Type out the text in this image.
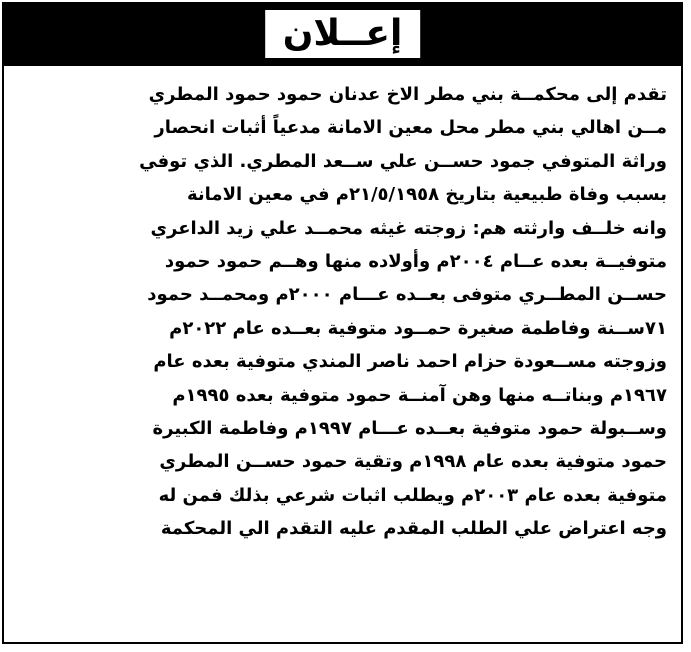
إعــلان
تقدم إلى محكمــة بني مطر الاخ عدنان حمود حمود المطري
مــن اهالي بني مطر محل معين الامانة مدعياً أثبات انحصار
وراثة المتوفي جمود حســن علي ســعد المطري. الذي توفي
بسبب وفاة طبيعية بتاريخ ٢١/٥/١٩٥٨م في معين الامانة
وانه خلــف وارثته هم: زوجته غيثه محمــد علي زيد الداعري
متوفيــة بعده عــام ٢٠٠٤م وأولاده منها وهــم حمود حمود
حســن المطــري متوفى بعــده عـــام ٢٠٠٠م ومحمــد حمود
٧١ســنة وفاطمة صغيرة حمــود متوفية بعــده عام ٢٠٢٢م
وزوجته مســعودة حزام احمد ناصر المندي متوفية بعده عام
١٩٦٧م وبناتــه منها وهن آمنــة حمود متوفية بعده ١٩٩٥م
وســبولة حمود متوفية بعــده عـــام ١٩٩٧م وفاطمة الكبيرة
حمود متوفية بعده عام ١٩٩٨م وتقية حمود حســن المطري
متوفية بعده عام ٢٠٠٣م ويطلب اثبات شرعي بذلك فمن له
وجه اعتراض علي الطلب المقدم عليه التقدم الي المحكمة
